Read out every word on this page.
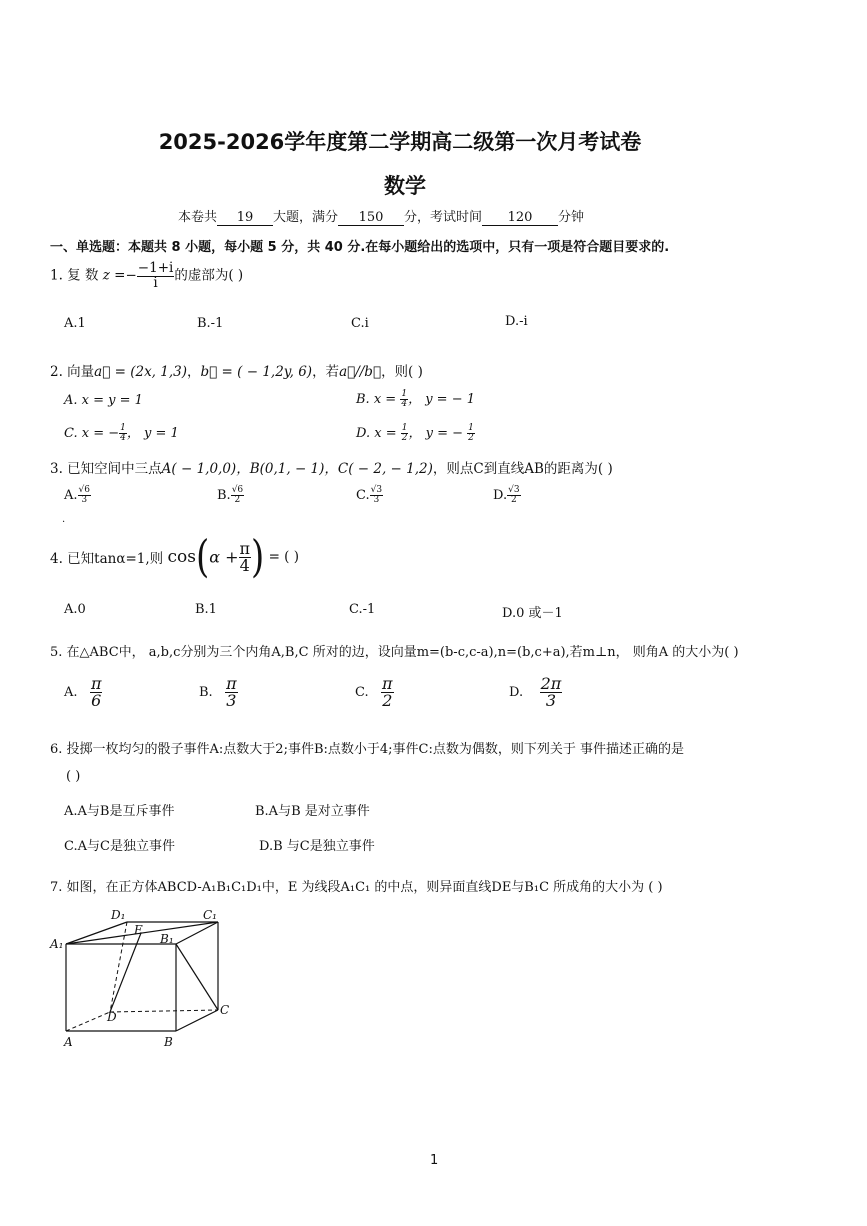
2025-2026学年度第二学期高二级第一次月考试卷
数学
本卷共 19 大题，满分 150 分，考试时间 120 分钟
一、单选题：本题共 8 小题，每小题 5 分，共 40 分.在每小题给出的选项中，只有一项是符合题目要求的.
1. 复 数 $z =- \frac{-1+i}{i}$ 的虚部为( )
A.1	B.-1	C.i	D.-i
2. 向量a⃗ = (2x, 1,3)，b⃗ = ( − 1,2y, 6)，若a⃗//b⃗，则( )
A. x = y = 1	B. $x = \frac{1}{4}$ ， y = − 1
C. x = − $\frac{1}{4}$ ， y = 1	D. $x = \frac{1}{2}$ ， y = − $\frac{1}{2}$
3. 已知空间中三点A( − 1,0,0)，B(0,1, − 1)，C( − 2, − 1,2)，则点C到直线AB的距离为( )
A. $\frac{√6}{3}$	B. $\frac{√6}{2}$	C. $\frac{√3}{3}$	D. $\frac{√3}{2}$
.
4. 已知tanα=1,则 $\cos(\alpha + \frac{\pi}{4}$ ) = ( )
A.0	B.1	C.-1	D.0 或－1
5. 在△ABC中， a,b,c分别为三个内角A,B,C 所对的边，设向量m=(b-c,c-a),n=(b,c+a),若m⊥n， 则角A 的大小为( )
A. $\frac{\pi}{6}$	B. $\frac{\pi}{3}$	C. $\frac{\pi}{2}$	D. $\frac{2\pi}{3}$
6. 投掷一枚均匀的骰子事件A:点数大于2;事件B:点数小于4;事件C:点数为偶数，则下列关于 事件描述正确的是
( )
A.A与B是互斥事件	B.A与B 是对立事件
C.A与C是独立事件	D.B 与C是独立事件
7. 如图，在正方体ABCD-A₁B₁C₁D₁中，E 为线段A₁C₁ 的中点，则异面直线DE与B₁C 所成角的大小为 ( )
D₁	C₁
A₁
E
B₁
D	C
A	B
1
